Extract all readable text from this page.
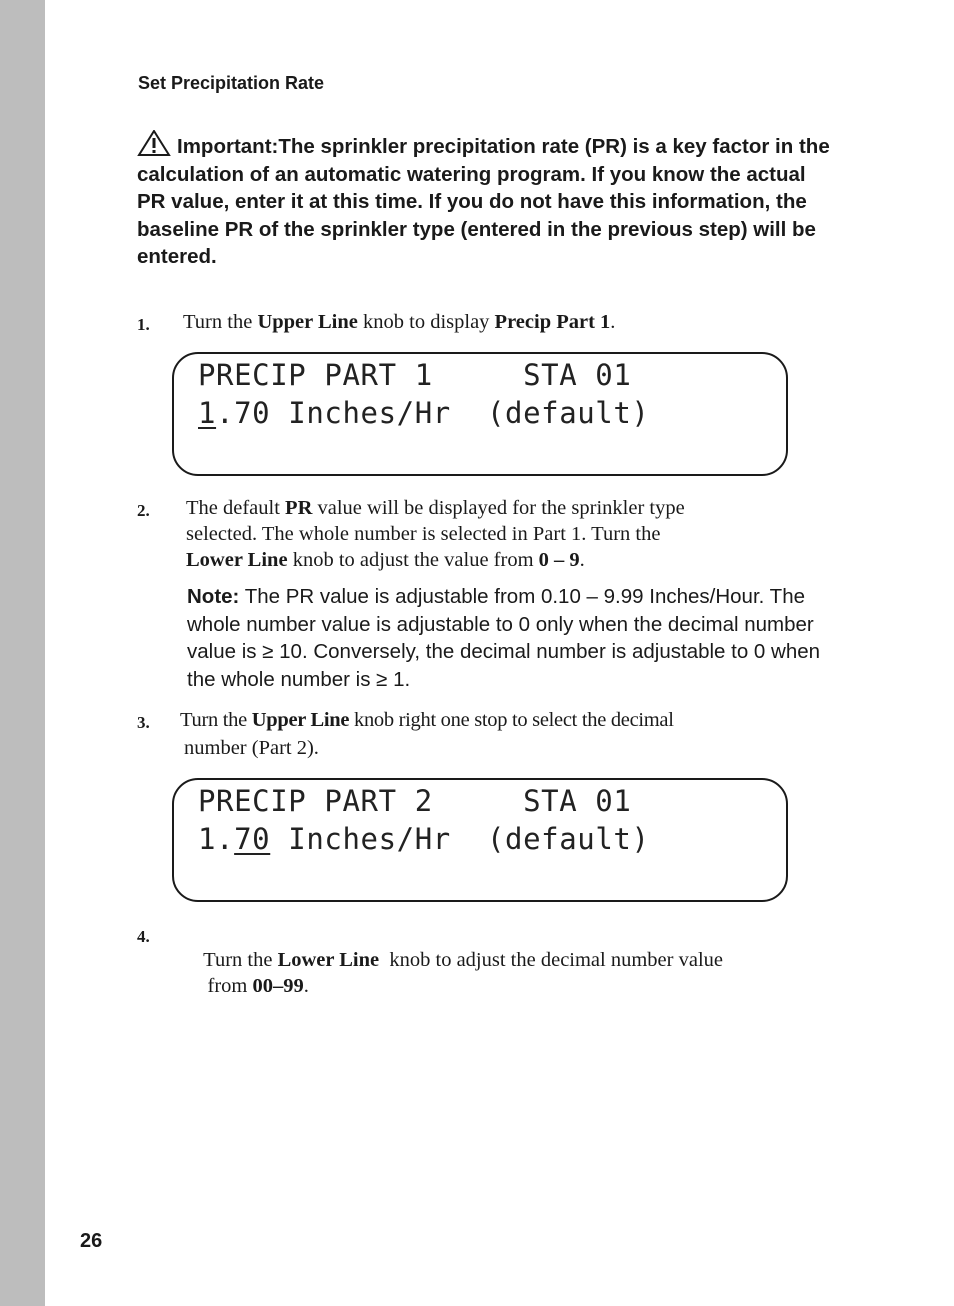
Set Precipitation Rate
Important:The sprinkler precipitation rate (PR) is a key factor in the calculation of an automatic watering program. If you know the actual PR value, enter it at this time. If you do not have this information, the baseline PR of the sprinkler type (entered in the previous step) will be entered.
1. Turn the Upper Line knob to display Precip Part 1.
PRECIP PART 1     STA 01
1.70 Inches/Hr  (default)
2. The default PR value will be displayed for the sprinkler type
selected. The whole number is selected in Part 1. Turn the
Lower Line knob to adjust the value from 0 – 9.
Note: The PR value is adjustable from 0.10 – 9.99 Inches/Hour. The whole number value is adjustable to 0 only when the decimal number value is ≥ 10. Conversely, the decimal number is adjustable to 0 when the whole number is ≥ 1.
3. Turn the Upper Line knob right one stop to select the decimal
number (Part 2).
PRECIP PART 2     STA 01
1.70 Inches/Hr  (default)
4.

Turn the Lower Line  knob to adjust the decimal number value

from 00–99.

26
